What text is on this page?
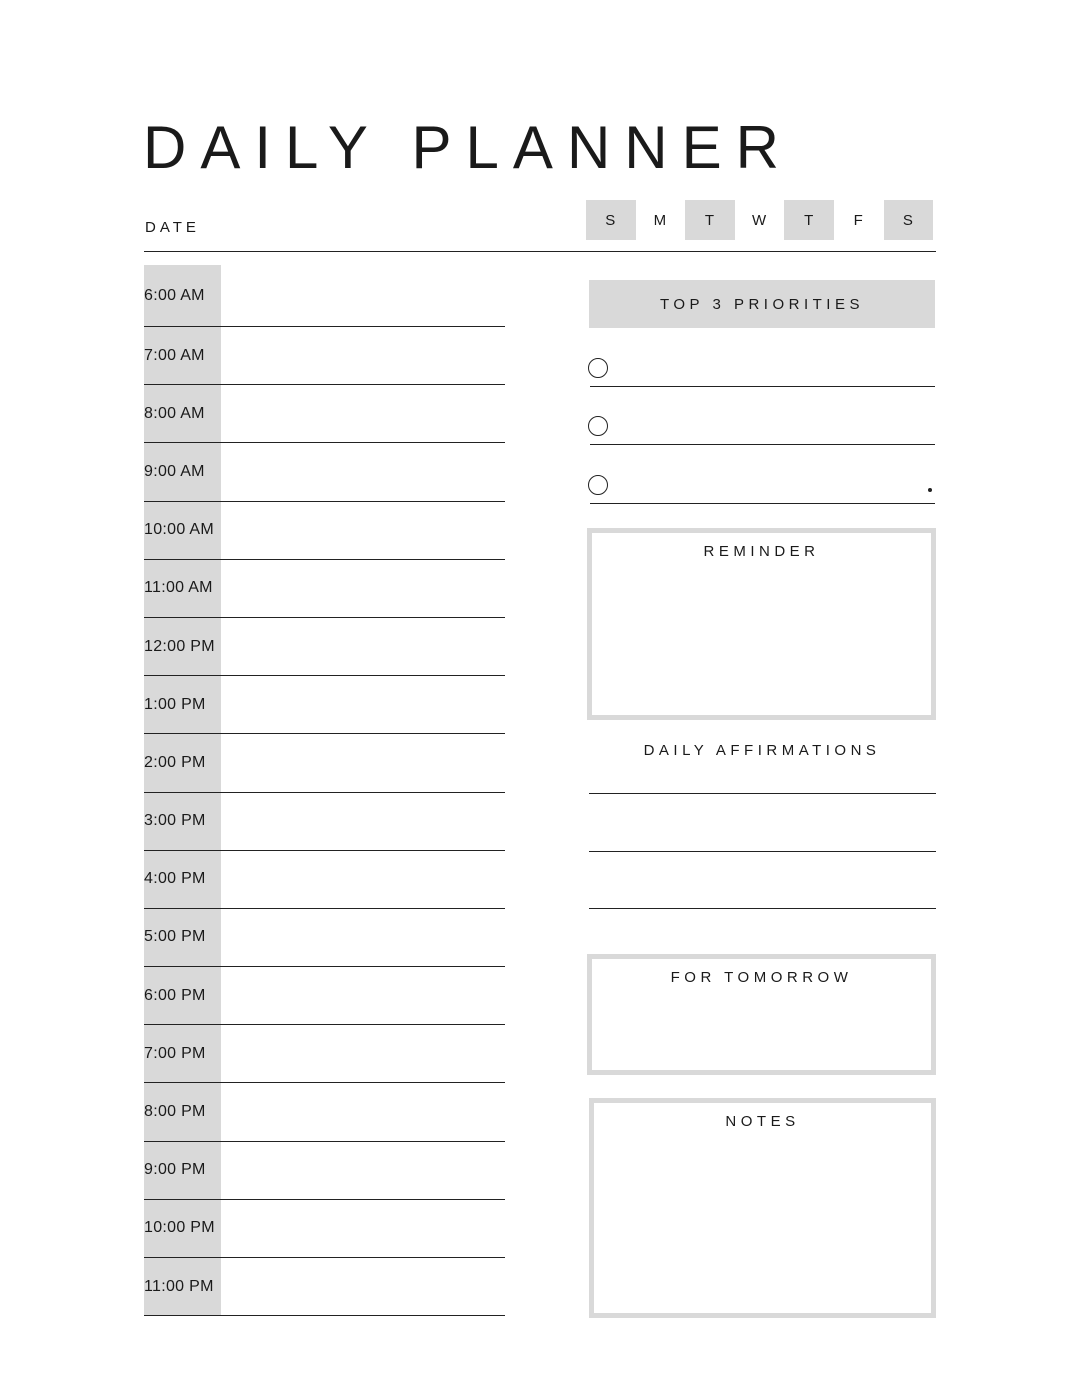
DAILY PLANNER
DATE	S	M	T	W	T	F	S
6:00 AM
7:00 AM
8:00 AM
9:00 AM
10:00 AM
11:00 AM
12:00 PM
1:00 PM
2:00 PM
3:00 PM
4:00 PM
5:00 PM
6:00 PM
7:00 PM
8:00 PM
9:00 PM
10:00 PM
11:00 PM
TOP 3 PRIORITIES
REMINDER
DAILY AFFIRMATIONS
FOR TOMORROW
NOTES
